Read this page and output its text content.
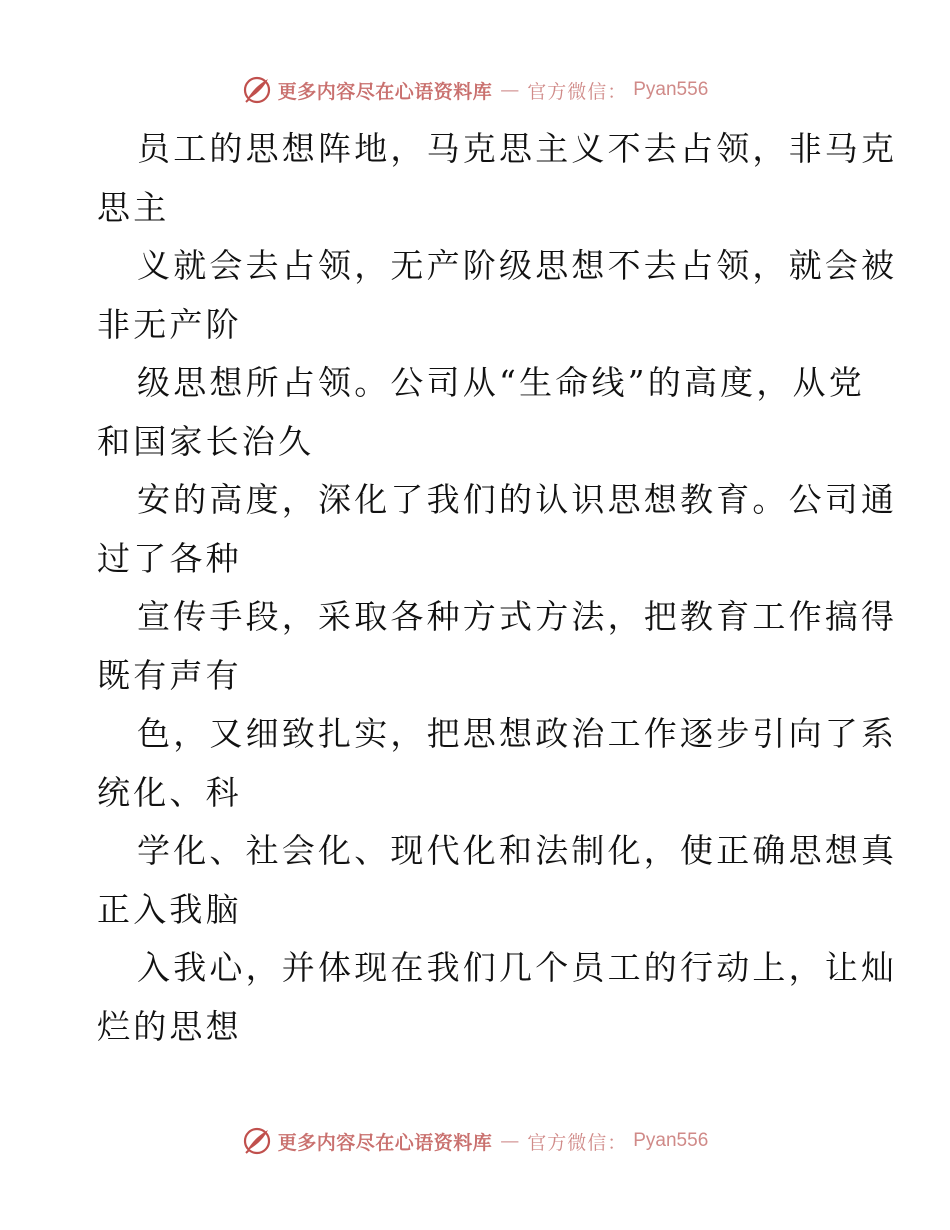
更多内容尽在心语资料库 — 官方微信： Pyan556
员工的思想阵地，马克思主义不去占领，非马克
思主
义就会去占领，无产阶级思想不去占领，就会被
非无产阶
级思想所占领。公司从“生命线”的高度，从党
和国家长治久
安的高度，深化了我们的认识思想教育。公司通
过了各种
宣传手段，采取各种方式方法，把教育工作搞得
既有声有
色，又细致扎实，把思想政治工作逐步引向了系
统化、科
学化、社会化、现代化和法制化，使正确思想真
正入我脑
入我心，并体现在我们几个员工的行动上，让灿
烂的思想
更多内容尽在心语资料库 — 官方微信： Pyan556
